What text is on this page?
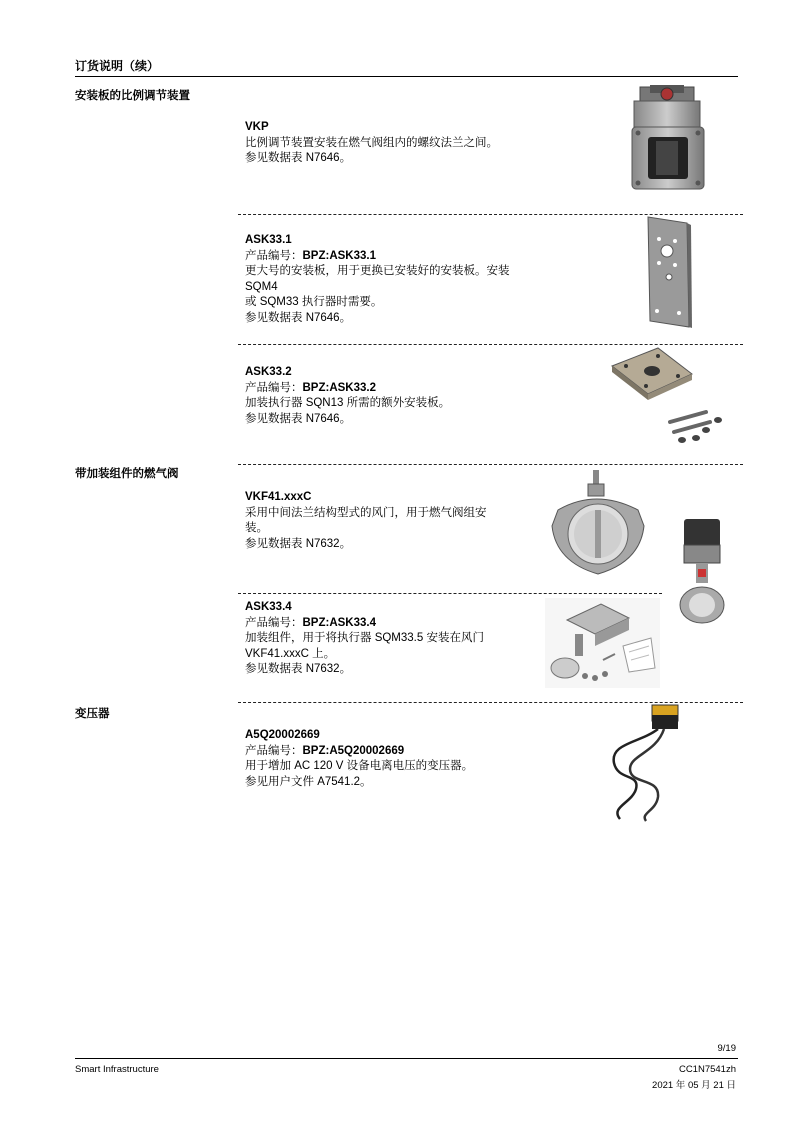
订货说明（续）
安装板的比例调节装置
带加装组件的燃气阀
变压器
VKP
比例调节装置安装在燃气阀组内的螺纹法兰之间。
参见数据表 N7646。
ASK33.1
产品编号：BPZ:ASK33.1
更大号的安装板，用于更换已安装好的安装板。安装 SQM4
或 SQM33 执行器时需要。
参见数据表 N7646。
ASK33.2
产品编号：BPZ:ASK33.2
加装执行器 SQN13 所需的额外安装板。
参见数据表 N7646。
VKF41.xxxC
采用中间法兰结构型式的风门，用于燃气阀组安
装。
参见数据表 N7632。
ASK33.4
产品编号：BPZ:ASK33.4
加装组件，用于将执行器 SQM33.5 安装在风门
VKF41.xxxC 上。
参见数据表 N7632。
A5Q20002669
产品编号：BPZ:A5Q20002669
用于增加 AC 120 V 设备电离电压的变压器。
参见用户文件 A7541.2。
9/19
Smart Infrastructure	CC1N7541zh
2021 年 05 月 21 日
